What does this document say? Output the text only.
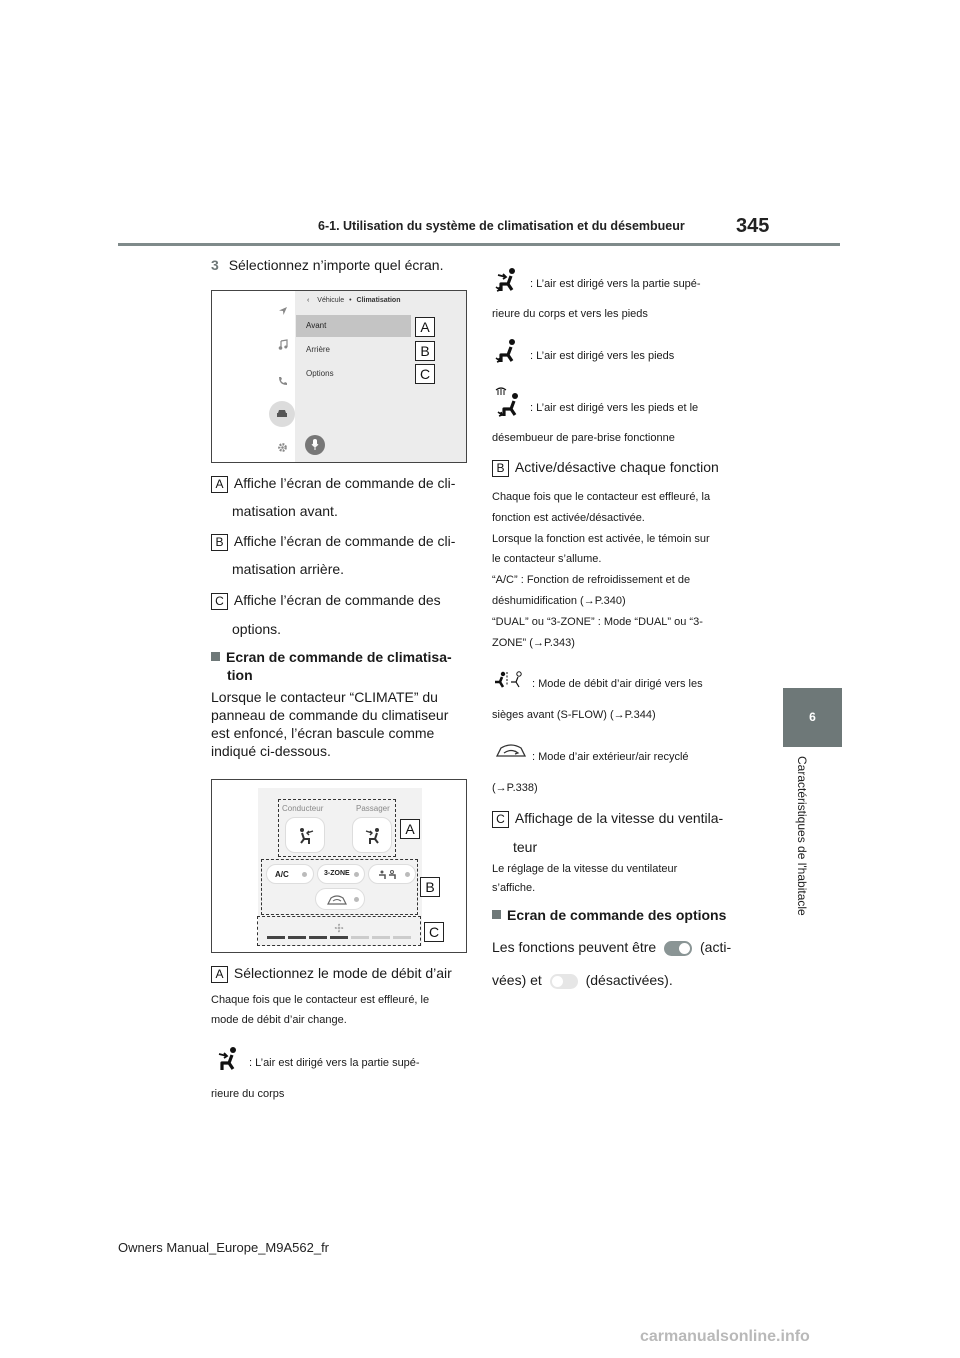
6-1. Utilisation du système de climatisation et du désembueur	345
6
Caractéristiques de l'habitacle
3 Sélectionnez n’importe quel écran.
‹ Véhicule • Climatisation
Avant
Arrière
Options
A
B
C
A Affiche l’écran de commande de cli-
matisation avant.
B Affiche l’écran de commande de cli-
matisation arrière.
C Affiche l’écran de commande des
options.
Ecran de commande de climatisa-
tion
Lorsque le contacteur “CLIMATE” du
panneau de commande du climatiseur
est enfoncé, l’écran bascule comme
indiqué ci-dessous.
Conducteur	Passager
A/C	3-ZONE
A
B
C
A Sélectionnez le mode de débit d’air
Chaque fois que le contacteur est effleuré, le
mode de débit d’air change.
: L’air est dirigé vers la partie supé-
rieure du corps
: L’air est dirigé vers la partie supé-
rieure du corps et vers les pieds
: L’air est dirigé vers les pieds
: L’air est dirigé vers les pieds et le
désembueur de pare-brise fonctionne
B Active/désactive chaque fonction
Chaque fois que le contacteur est effleuré, la
fonction est activée/désactivée.
Lorsque la fonction est activée, le témoin sur
le contacteur s’allume.
“A/C” : Fonction de refroidissement et de
déshumidification (→P.340)
“DUAL” ou “3-ZONE” : Mode “DUAL” ou “3-
ZONE” (→P.343)
: Mode de débit d’air dirigé vers les
sièges avant (S-FLOW) (→P.344)
: Mode d’air extérieur/air recyclé
(→P.338)
C Affichage de la vitesse du ventila-
teur
Le réglage de la vitesse du ventilateur
s’affiche.
Ecran de commande des options
Les fonctions peuvent être	(acti-
vées) et	(désactivées).
Owners Manual_Europe_M9A562_fr
carmanualsonline.info
